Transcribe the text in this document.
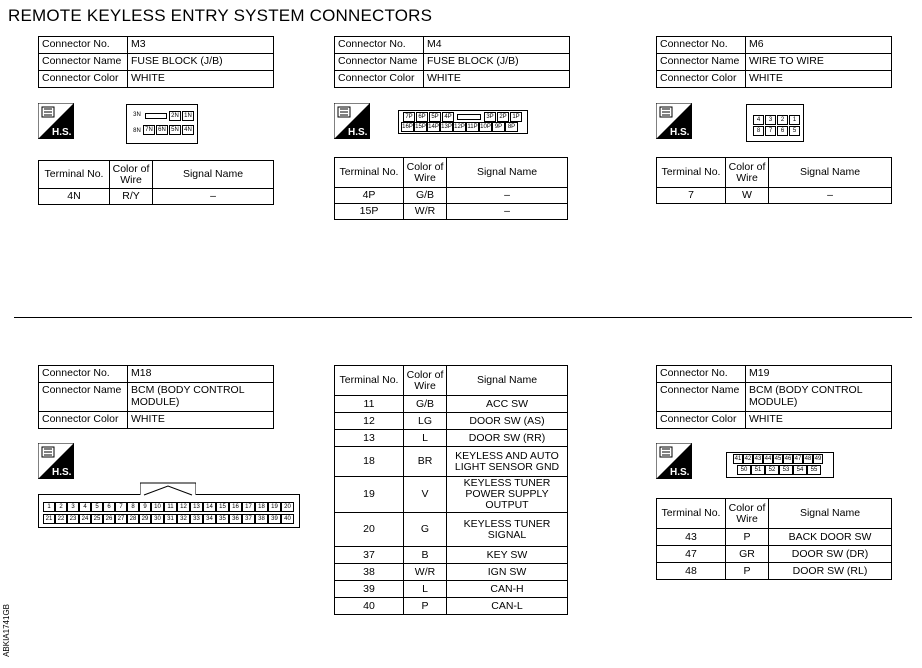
REMOTE KEYLESS ENTRY SYSTEM CONNECTORS
Connector No.	M3
Connector Name	FUSE BLOCK (J/B)
Connector Color	WHITE
Connector No.	M4
Connector Name	FUSE BLOCK (J/B)
Connector Color	WHITE
Connector No.	M6
Connector Name	WIRE TO WIRE
Connector Color	WHITE
H.S.	H.S.	H.S.
H.S.	H.S.
3N	2N 1N
8N 7N 6N 5N 4N
7P 6P 5P 4P	3P 2P 1P
16P 15P 14P 13P 12P 11P 10P 9P 8P
4	3	2	1
8	7	6	5
Terminal No.	Color of Wire	Signal Name
4N	R/Y	–
Terminal No.	Color of Wire	Signal Name
4P	G/B	–
15P	W/R	–
Terminal No.	Color of Wire	Signal Name
7	W	–
Connector No.	M18
Connector Name	BCM (BODY CONTROL MODULE)
Connector Color	WHITE
1	2	3	4	5	6	7	8	9	10	11	12	13	14	15	16	17	18	19	20
21 22 23 24 25 26 27 28 29 30	31	32	33	34	35	36	37	38	39	40
Terminal No.	Color of Wire	Signal Name
11	G/B	ACC SW
12	LG	DOOR SW (AS)
13	L	DOOR SW (RR)
18	BR	KEYLESS AND AUTO LIGHT SENSOR GND
19	V	KEYLESS TUNER POWER SUPPLY OUTPUT
20	G	KEYLESS TUNER SIGNAL
37	B	KEY SW
38	W/R	IGN SW
39	L	CAN-H
40	P	CAN-L
Connector No.	M19
Connector Name	BCM (BODY CONTROL MODULE)
Connector Color	WHITE
41 42 43 44 45 46 47 48 49
50	51	52	53	54	55
Terminal No.	Color of Wire	Signal Name
43	P	BACK DOOR SW
47	GR	DOOR SW (DR)
48	P	DOOR SW (RL)
ABKIA1741GB
